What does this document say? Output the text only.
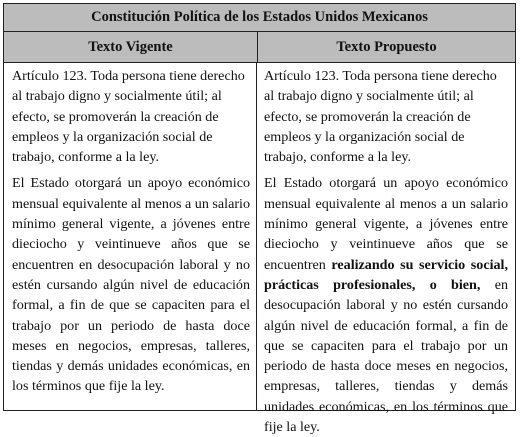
Constitución Política de los Estados Unidos Mexicanos
Texto Vigente	Texto Propuesto

Artículo 123. Toda persona tiene derecho al trabajo digno y socialmente útil; al efecto, se promoverán la creación de empleos y la organización social de trabajo, conforme a la ley.

El Estado otorgará un apoyo económico mensual equivalente al menos a un salario mínimo general vigente, a jóvenes entre dieciocho y veintinueve años que se encuentren en desocupación laboral y no estén cursando algún nivel de educación formal, a fin de que se capaciten para el trabajo por un periodo de hasta doce meses en negocios, empresas, talleres, tiendas y demás unidades económicas, en los términos que fije la ley.

Artículo 123. Toda persona tiene derecho al trabajo digno y socialmente útil; al efecto, se promoverán la creación de empleos y la organización social de trabajo, conforme a la ley.

El Estado otorgará un apoyo económico mensual equivalente al menos a un salario mínimo general vigente, a jóvenes entre dieciocho y veintinueve años que se encuentren realizando su servicio social, prácticas profesionales, o bien, en desocupación laboral y no estén cursando algún nivel de educación formal, a fin de que se capaciten para el trabajo por un periodo de hasta doce meses en negocios, empresas, talleres, tiendas y demás unidades económicas, en los términos que fije la ley.
